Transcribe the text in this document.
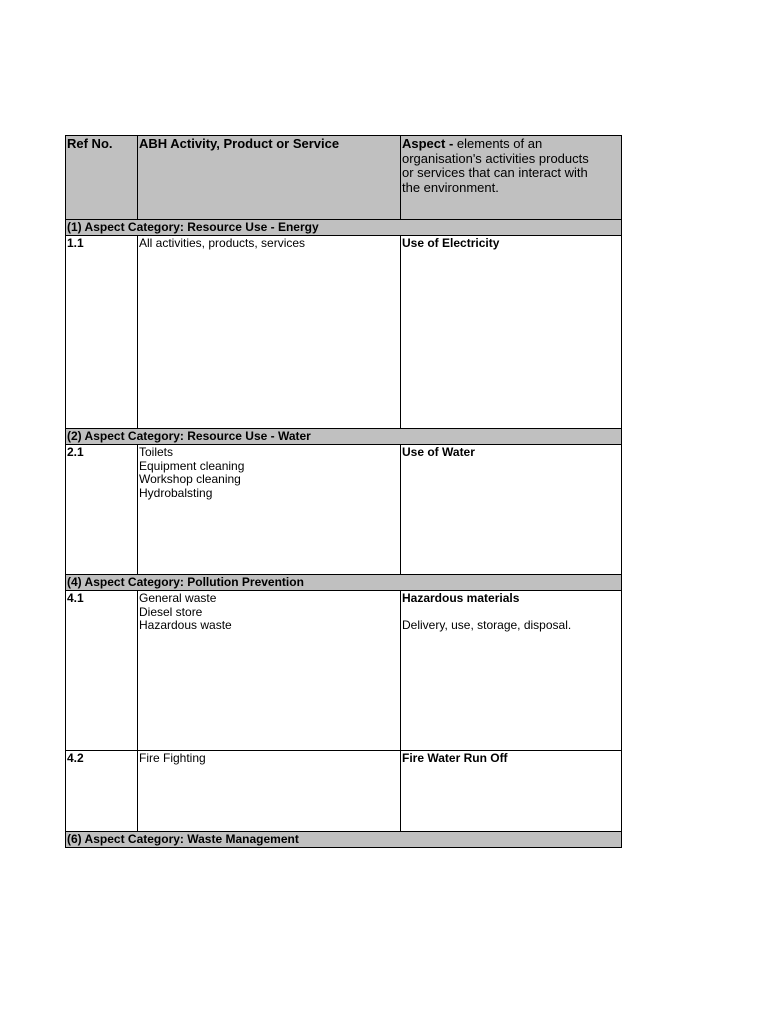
Ref No.	ABH Activity, Product or Service	Aspect - elements of an
organisation's activities products
or services that can interact with
the environment.
(1) Aspect Category: Resource Use - Energy		
1.1	All activities, products, services	Use of Electricity

(2) Aspect Category: Resource Use - Water		
2.1	Toilets
Equipment cleaning
Workshop cleaning
Hydrobalsting	Use of Water

(4) Aspect Category: Pollution Prevention		
4.1	General waste
Diesel store
Hazardous waste	Hazardous materials
Delivery, use, storage, disposal.

4.2	Fire Fighting	Fire Water Run Off

(6) Aspect Category: Waste Management		
